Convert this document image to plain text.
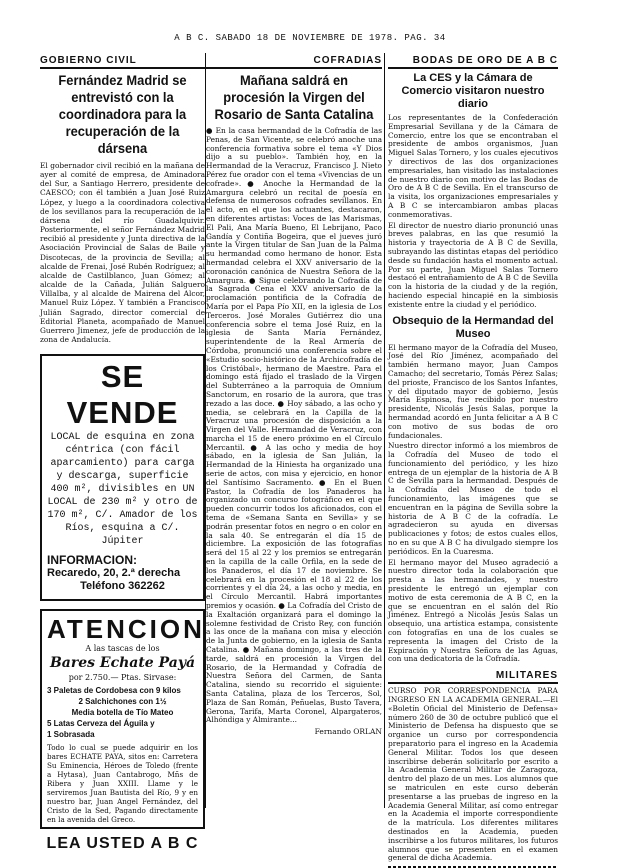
A B C. SABADO 18 DE NOVIEMBRE DE 1978. PAG. 34
GOBIERNO CIVIL
Fernández Madrid se entrevistó con la coordinadora para la recuperación de la dársena

El gobernador civil recibió en la mañana de ayer al comité de empresa, de Aminadora del Sur, a Santiago Herrero, presidente de CAESCO; con él también a Juan José Ruiz López, y luego a la coordinadora colectiva de los sevillanos para la recuperación de la dársena del río Guadalquivir. Posteriormente, el señor Fernández Madrid recibió al presidente y Junta directiva de la Asociación Provincial de Salas de Baile y Discotecas, de la provincia de Sevilla; al alcalde de Frenai, José Rubén Rodríguez; al alcalde de Castilblanco, Juan Gómez; al alcalde de la Cañada, Julián Salguero Villalba, y al alcalde de Mairena del Alcor, Manuel Ruiz López. Y también a Francisco Julián Sagrado, director comercial de Editorial Planeta, acompañado de Manuel Guerrero Jimenez, jefe de producción de la zona de Andalucía.

SE VENDE
LOCAL de esquina en zona céntrica (con fácil aparcamiento) para carga y descarga, superficie 400 m², divisibles en UN LOCAL de 230 m² y otro de 170 m², C/. Amador de los Ríos, esquina a C/. Júpiter
INFORMACION:
Recaredo, 20, 2.ª derecha
Teléfono 362262
ATENCION
A las tascas de los
Bares Echate Payá
por 2.750.— Ptas. Sirvase:
3 Paletas de Cordobesa con 9 kilos
2 Salchichones con 1½
Media botella de Tío Mateo
5 Latas Cerveza del Águila y
1 Sobrasada
Todo lo cual se puede adquirir en los bares ECHATE PAYA, sitos en: Carretera Su Eminencia, Héroes de Toledo (frente a Hytasa), Juan Cantabrogo, Mñs de Ribera y Juan XXIII. Llame y le serviremos Juan Bautista del Río, 9 y en nuestro bar, Juan Angel Fernández, del Cristo de la Sed, Pagando directamente en la avenida del Greco.
LEA USTED A B C
COFRADIAS
Mañana saldrá en procesión la Virgen del Rosario de Santa Catalina

● En la casa hermandad de la Cofradía de las Penas, de San Vicente, se celebró anoche una conferencia formativa sobre el tema «Y Dios dijo a su pueblo». También hoy, en la Hermandad de la Veracruz, Francisco J. Nieto Pérez fue orador con el tema «Vivencias de un cofrade». ● Anoche la Hermandad de la Amargura celebró un recital de poesía en defensa de numerosos cofrades sevillanos. En el acto, en el que los actuantes, destacaron, en diferentes artistas: Voces de las Marismas, El Pali, Ana María Bueno, El Lebrijano, Paco Gandía y Contiña Bogeira, que el jueves juró ante la Virgen titular de San Juan de la Palma su hermandad como hermano de honor. Esta hermandad celebra el XXV aniversario de la coronación canónica de Nuestra Señora de la Amargura. ● Sigue celebrando la Cofradía de la Sagrada Cena el XXV aniversario de la proclamación pontificia de la Cofradía de María por el Papa Pío XII, en la iglesia de Los Terceros. José Morales Gutiérrez dio una conferencia sobre el tema José Ruiz, en la iglesia de Santa María Fernández, superintendente de la Real Armería de Córdoba, pronunció una conferencia sobre el «Estudio socio-histórico de la Archicofradía de los Cristóbal», hermano de Maestre. Para el domingo está fijado el traslado de la Virgen del Subterráneo a la parroquia de Omnium Sanctorum, en rosario de la aurora, que tras rezado a las doce. ● Hoy sábado, a las ocho y media, se celebrará en la Capilla de la Veracruz una procesión de disposición a la Virgen del Valle. Hermandad de Veracruz, con marcha el 15 de enero próximo en el Círculo Mercantil. ● A las ocho y media de hoy sábado, en la iglesia de San Julián, la Hermandad de la Hiniesta ha organizado una serie de actos, con misa y ejercicio, en honor del Santísimo Sacramento. ● En el Buen Pastor, la Cofradía de los Panaderos ha organizado un concurso fotográfico en el que pueden concurrir todos los aficionados, con el tema de «Semana Santa en Sevilla» y se podrán presentar fotos en negro o en color en la sala 40. Se entregarán el día 15 de diciembre. La exposición de las fotografías será del 15 al 22 y los premios se entregarán en la capilla de la calle Orfila, en la sede de los Panaderos, el día 17 de noviembre. Se celebrará en la procesión el 18 al 22 de los corrientes y el día 24, a las ocho y media, en el Círculo Mercantil. Habrá importantes premios y ocasión. ● La Cofradía del Cristo de la Exaltación organizará para el domingo la solemne festividad de Cristo Rey, con función a las once de la mañana con misa y elección de la Junta de gobierno, en la iglesia de Santa Catalina. ● Mañana domingo, a las tres de la tarde, saldrá en procesión la Virgen del Rosario, de la Hermandad y Cofradía de Nuestra Señora del Carmen, de Santa Catalina, siendo su recorrido el siguiente: Santa Catalina, plaza de los Terceros, Sol, Plaza de San Román, Peñuelas, Busto Tavera, Gerona, Tarifa, Marta Coronel, Alpargateros, Alhóndiga y Almirante...

Fernando ORLAN
BODAS DE ORO DE A B C
La CES y la Cámara de Comercio visitaron nuestro diario

Los representantes de la Confederación Empresarial Sevillana y de la Cámara de Comercio, entre los que se encontraban el presidente de ambos organismos, Juan Miguel Salas Tornero, y los cuales ejecutivos y directivos de las dos organizaciones empresariales, han visitado las instalaciones de nuestro diario con motivo de las Bodas de Oro de A B C de Sevilla. En el transcurso de la visita, los organizaciones empresariales y A B C se intercambiaron ambas placas conmemorativas.

El director de nuestro diario pronunció unas breves palabras, en las que resumió la historia y trayectoria de A B C de Sevilla, subrayando las distintas etapas del periódico desde su fundación hasta el momento actual. Por su parte, Juan Miguel Salas Tornero destacó el entrañamiento de A B C de Sevilla con la historia de la ciudad y de la región, haciendo especial hincapié en la simbiosis existente entre la ciudad y el periódico.

Obsequio de la Hermandad del Museo

El hermano mayor de la Cofradía del Museo, José del Río Jiménez, acompañado del también hermano mayor, Juan Campos Camacho; del secretario, Tomás Pérez Salas; del prioste, Francisco de los Santos Infantes, y del diputado mayor de gobierno, Jesús María Espinosa, fue recibido por nuestro presidente, Nicolás Jesús Salas, porque la hermandad acordó en Junta felicitar a A B C con motivo de sus bodas de oro fundacionales.

Nuestro director informó a los miembros de la Cofradía del Museo de todo el funcionamiento del periódico, y les hizo entrega de un ejemplar de la historia de A B C de Sevilla para la hermandad. Después de la Cofradía del Museo de todo el funcionamiento, las imágenes que se encuentran en la página de Sevilla sobre la historia de A B C de la cofradía. Le agradecieron su ayuda en diversas publicaciones y fotos; de estos cuales ellos, no en su que A B C ha divulgado siempre los periódicos. En la Cuaresma.

El hermano mayor del Museo agradeció a nuestro director toda la colaboración que presta a las hermandades, y nuestro presidente le entregó un ejemplar con motivo de esta ceremonia de A B C, en la que se encuentran en el salón del Río Jiménez. Entregó a Nicolás Jesús Salas un obsequio, una artística estampa, consistente con fotografías en una de los cuales se representa la imagen del Cristo de la Expiración y Nuestra Señora de las Aguas, con una dedicatoria de la Cofradía.

MILITARES

CURSO POR CORRESPONDENCIA PARA INGRESO EN LA ACADEMIA GENERAL.—El «Boletín Oficial del Ministerio de Defensa» número 260 de 30 de octubre publicó que el Ministerio de Defensa ha dispuesto que se organice un curso por correspondencia preparatorio para el ingreso en la Academia General Militar. Todos los que deseen inscribirse deberán solicitarlo por escrito a la Academia General Militar de Zaragoza, dentro del plazo de un mes. Los alumnos que se matriculen en este curso deberán presentarse a las pruebas de ingreso en la Academia General Militar, así como entregar en la Academia el importe correspondiente de la matrícula. Los diferentes militares destinados en la Academia, pueden inscribirse a los futuros militares, los futuros alumnos que se presenten en el examen general de dicha Academia.
